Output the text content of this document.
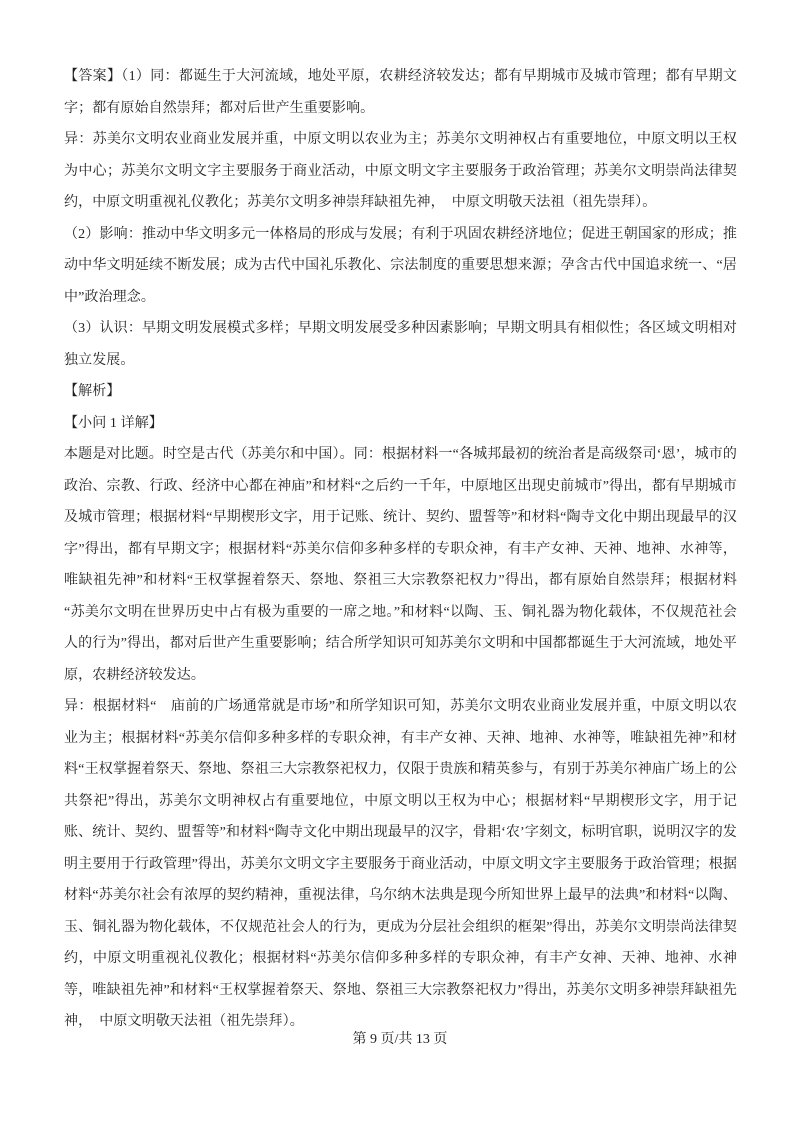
【答案】（1）同：都诞生于大河流域，地处平原，农耕经济较发达；都有早期城市及城市管理；都有早期文字；都有原始自然崇拜；都对后世产生重要影响。

异：苏美尔文明农业商业发展并重，中原文明以农业为主；苏美尔文明神权占有重要地位，中原文明以王权为中心；苏美尔文明文字主要服务于商业活动，中原文明文字主要服务于政治管理；苏美尔文明崇尚法律契约，中原文明重视礼仪教化；苏美尔文明多神崇拜缺祖先神，　中原文明敬天法祖（祖先崇拜）。

（2）影响：推动中华文明多元一体格局的形成与发展；有利于巩固农耕经济地位；促进王朝国家的形成；推动中华文明延续不断发展；成为古代中国礼乐教化、宗法制度的重要思想来源；孕含古代中国追求统一、“居中”政治理念。

（3）认识：早期文明发展模式多样；早期文明发展受多种因素影响；早期文明具有相似性；各区域文明相对独立发展。

【解析】

【小问 1 详解】

本题是对比题。时空是古代（苏美尔和中国）。同：根据材料一“各城邦最初的统治者是高级祭司‘恩’，城市的政治、宗教、行政、经济中心都在神庙”和材料“之后约一千年，中原地区出现史前城市”得出，都有早期城市及城市管理；根据材料“早期楔形文字，用于记账、统计、契约、盟誓等”和材料“陶寺文化中期出现最早的汉字”得出，都有早期文字；根据材料“苏美尔信仰多种多样的专职众神，有丰产女神、天神、地神、水神等，唯缺祖先神”和材料“王权掌握着祭天、祭地、祭祖三大宗教祭祀权力”得出，都有原始自然崇拜；根据材料“苏美尔文明在世界历史中占有极为重要的一席之地。”和材料“以陶、玉、铜礼器为物化载体，不仅规范社会人的行为”得出，都对后世产生重要影响；结合所学知识可知苏美尔文明和中国都都诞生于大河流域，地处平原，农耕经济较发达。

异：根据材料“　庙前的广场通常就是市场”和所学知识可知，苏美尔文明农业商业发展并重，中原文明以农业为主；根据材料“苏美尔信仰多种多样的专职众神，有丰产女神、天神、地神、水神等，唯缺祖先神”和材料“王权掌握着祭天、祭地、祭祖三大宗教祭祀权力，仅限于贵族和精英参与，有别于苏美尔神庙广场上的公共祭祀”得出，苏美尔文明神权占有重要地位，中原文明以王权为中心；根据材料“早期楔形文字，用于记账、统计、契约、盟誓等”和材料“陶寺文化中期出现最早的汉字，骨耜‘农’字刻文，标明官职，说明汉字的发明主要用于行政管理”得出，苏美尔文明文字主要服务于商业活动，中原文明文字主要服务于政治管理；根据材料“苏美尔社会有浓厚的契约精神，重视法律，乌尔纳木法典是现今所知世界上最早的法典”和材料“以陶、玉、铜礼器为物化载体，不仅规范社会人的行为，更成为分层社会组织的框架”得出，苏美尔文明崇尚法律契约，中原文明重视礼仪教化；根据材料“苏美尔信仰多种多样的专职众神，有丰产女神、天神、地神、水神等，唯缺祖先神”和材料“王权掌握着祭天、祭地、祭祖三大宗教祭祀权力”得出，苏美尔文明多神崇拜缺祖先神，　中原文明敬天法祖（祖先崇拜）。

第 9 页/共 13 页
